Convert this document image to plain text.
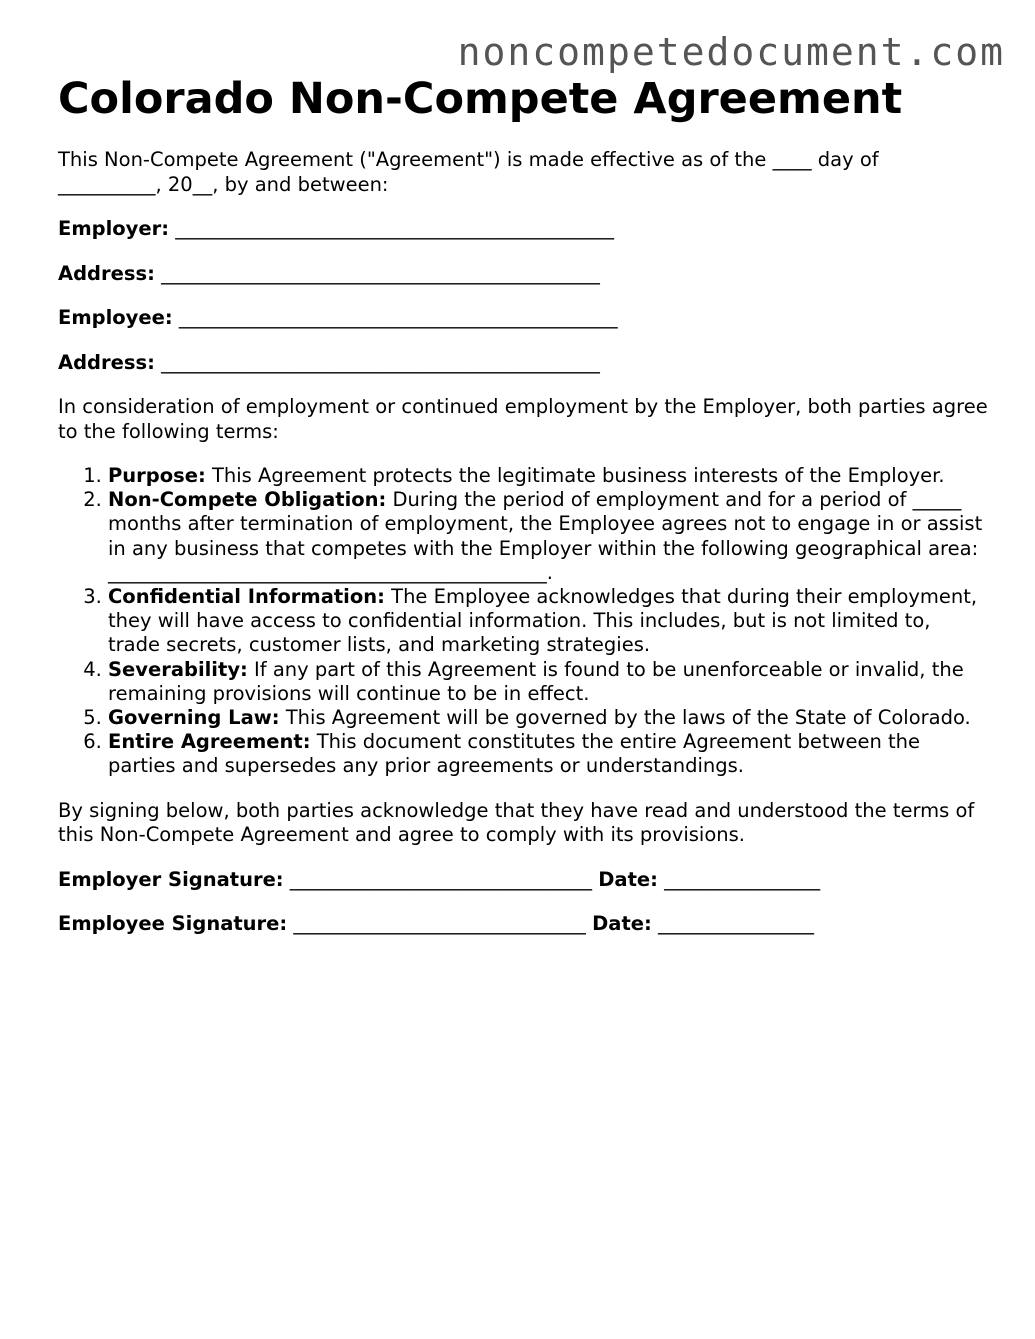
noncompetedocument.com
Colorado Non-Compete Agreement

This Non-Compete Agreement ("Agreement") is made effective as of the ____ day of __________, 20__, by and between:

Employer: _____________________________________________
Address: _____________________________________________
Employee: _____________________________________________
Address: _____________________________________________

In consideration of employment or continued employment by the Employer, both parties agree to the following terms:

1. Purpose: This Agreement protects the legitimate business interests of the Employer.
2. Non-Compete Obligation: During the period of employment and for a period of _____ months after termination of employment, the Employee agrees not to engage in or assist in any business that competes with the Employer within the following geographical area: _____________________________________________.
3. Confidential Information: The Employee acknowledges that during their employment, they will have access to confidential information. This includes, but is not limited to, trade secrets, customer lists, and marketing strategies.
4. Severability: If any part of this Agreement is found to be unenforceable or invalid, the remaining provisions will continue to be in effect.
5. Governing Law: This Agreement will be governed by the laws of the State of Colorado.
6. Entire Agreement: This document constitutes the entire Agreement between the parties and supersedes any prior agreements or understandings.

By signing below, both parties acknowledge that they have read and understood the terms of this Non-Compete Agreement and agree to comply with its provisions.

Employer Signature: _______________________________ Date: ________________
Employee Signature: ______________________________ Date: ________________
